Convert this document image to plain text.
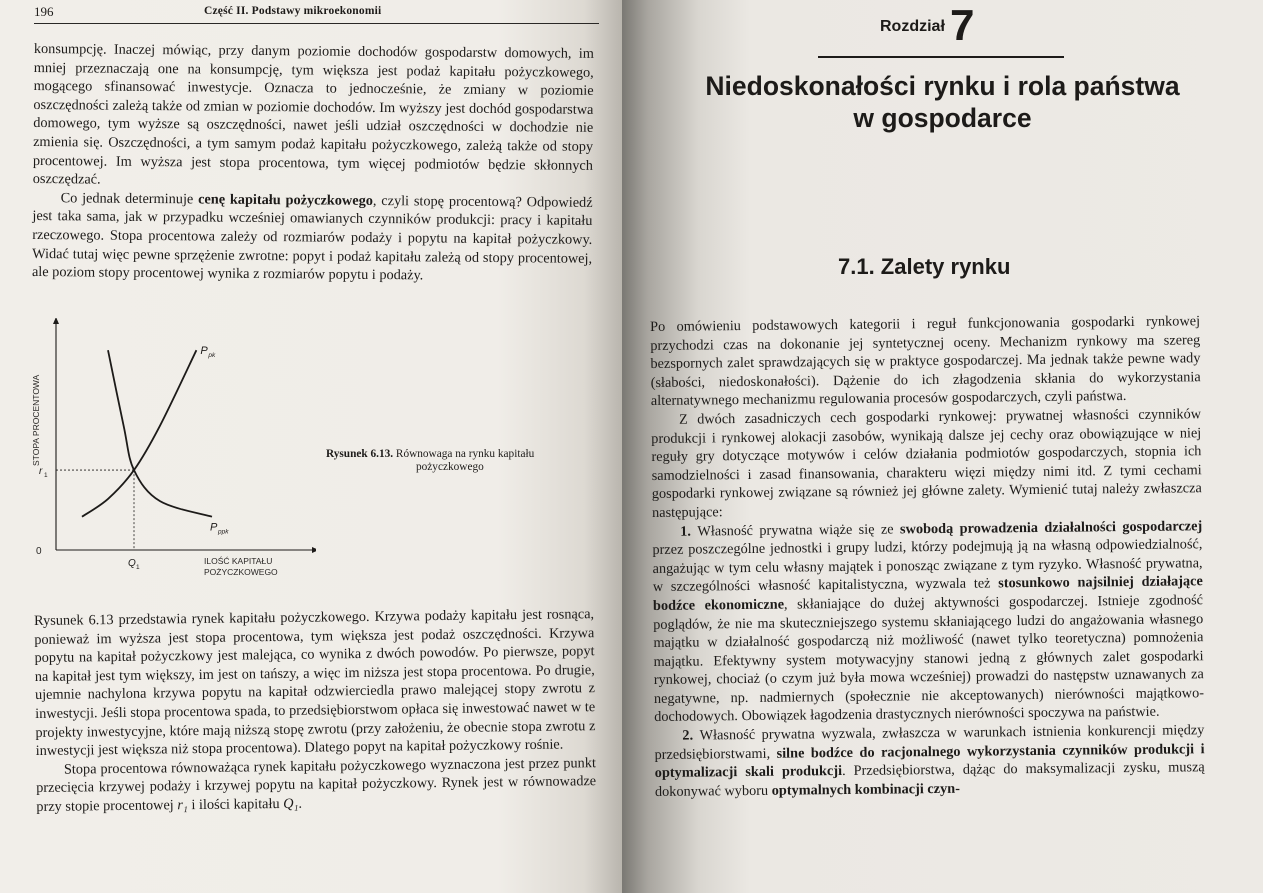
196	Część II. Podstawy mikroekonomii

konsumpcję. Inaczej mówiąc, przy danym poziomie dochodów gospodarstw domowych, im mniej przeznaczają one na konsumpcję, tym większa jest podaż kapitału pożyczkowego, mogącego sfinansować inwestycje. Oznacza to jednocześnie, że zmiany w poziomie oszczędności zależą także od zmian w poziomie dochodów. Im wyższy jest dochód gospodarstwa domowego, tym wyższe są oszczędności, nawet jeśli udział oszczędności w dochodzie nie zmienia się. Oszczędności, a tym samym podaż kapitału pożyczkowego, zależą także od stopy procentowej. Im wyższa jest stopa procentowa, tym więcej podmiotów będzie skłonnych oszczędzać.

Co jednak determinuje cenę kapitału pożyczkowego, czyli stopę procentową? Odpowiedź jest taka sama, jak w przypadku wcześniej omawianych czynników produkcji: pracy i kapitału rzeczowego. Stopa procentowa zależy od rozmiarów podaży i popytu na kapitał pożyczkowy. Widać tutaj więc pewne sprzężenie zwrotne: popyt i podaż kapitału zależą od stopy procentowej, ale poziom stopy procentowej wynika z rozmiarów popytu i podaży.

P pk
P ppk
r 1
Q 1
STOPA PROCENTOWA
0
ILOŚĆ KAPITAŁU
POŻYCZKOWEGO
Rysunek 6.13. Równowaga na rynku kapitału
pożyczkowego

Rysunek 6.13 przedstawia rynek kapitału pożyczkowego. Krzywa podaży kapitału jest rosnąca, ponieważ im wyższa jest stopa procentowa, tym większa jest podaż oszczędności. Krzywa popytu na kapitał pożyczkowy jest malejąca, co wynika z dwóch powodów. Po pierwsze, popyt na kapitał jest tym większy, im jest on tańszy, a więc im niższa jest stopa procentowa. Po drugie, ujemnie nachylona krzywa popytu na kapitał odzwierciedla prawo malejącej stopy zwrotu z inwestycji. Jeśli stopa procentowa spada, to przedsiębiorstwom opłaca się inwestować nawet w te projekty inwestycyjne, które mają niższą stopę zwrotu (przy założeniu, że obecnie stopa zwrotu z inwestycji jest większa niż stopa procentowa). Dlatego popyt na kapitał pożyczkowy rośnie.

Stopa procentowa równoważąca rynek kapitału pożyczkowego wyznaczona jest przez punkt przecięcia krzywej podaży i krzywej popytu na kapitał pożyczkowy. Rynek jest w równowadze przy stopie procentowej r₁ i ilości kapitału Q₁.

Rozdział 7
Niedoskonałości rynku i rola państwa
w gospodarce
7.1. Zalety rynku

Po omówieniu podstawowych kategorii i reguł funkcjonowania gospodarki rynkowej przychodzi czas na dokonanie jej syntetycznej oceny. Mechanizm rynkowy ma szereg bezspornych zalet sprawdzających się w praktyce gospodarczej. Ma jednak także pewne wady (słabości, niedoskonałości). Dążenie do ich złagodzenia skłania do wykorzystania alternatywnego mechanizmu regulowania procesów gospodarczych, czyli państwa.

Z dwóch zasadniczych cech gospodarki rynkowej: prywatnej własności czynników produkcji i rynkowej alokacji zasobów, wynikają dalsze jej cechy oraz obowiązujące w niej reguły gry dotyczące motywów i celów działania podmiotów gospodarczych, stopnia ich samodzielności i zasad finansowania, charakteru więzi między nimi itd. Z tymi cechami gospodarki rynkowej związane są również jej główne zalety. Wymienić tutaj należy zwłaszcza następujące:

1. Własność prywatna wiąże się ze swobodą prowadzenia działalności gospodarczej przez poszczególne jednostki i grupy ludzi, którzy podejmują ją na własną odpowiedzialność, angażując w tym celu własny majątek i ponosząc związane z tym ryzyko. Własność prywatna, w szczególności własność kapitalistyczna, wyzwala też stosunkowo najsilniej działające bodźce ekonomiczne, skłaniające do dużej aktywności gospodarczej. Istnieje zgodność poglądów, że nie ma skuteczniejszego systemu skłaniającego ludzi do angażowania własnego majątku w działalność gospodarczą niż możliwość (nawet tylko teoretyczna) pomnożenia majątku. Efektywny system motywacyjny stanowi jedną z głównych zalet gospodarki rynkowej, chociaż (o czym już była mowa wcześniej) prowadzi do następstw uznawanych za negatywne, np. nadmiernych (społecznie nie akceptowanych) nierówności majątkowo-dochodowych. Obowiązek łagodzenia drastycznych nierówności spoczywa na państwie.

2. Własność prywatna wyzwala, zwłaszcza w warunkach istnienia konkurencji między przedsiębiorstwami, silne bodźce do racjonalnego wykorzystania czynników produkcji i optymalizacji skali produkcji. Przedsiębiorstwa, dążąc do maksymalizacji zysku, muszą dokonywać wyboru optymalnych kombinacji czyn-
